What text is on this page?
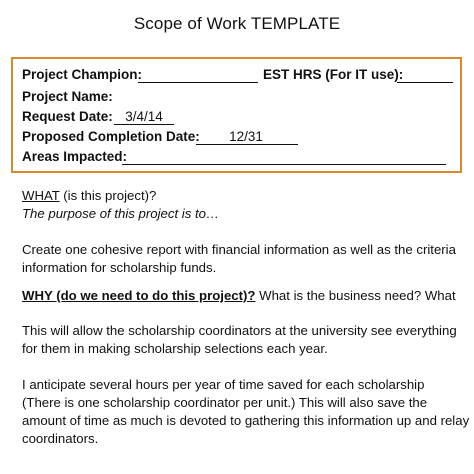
Scope of Work TEMPLATE
Project Champion:	EST HRS (For IT use):
Project Name:
Request Date: 3/4/14
Proposed Completion Date:	12/31
Areas Impacted:
WHAT (is this project)?
The purpose of this project is to…
Create one cohesive report with financial information as well as the criteria
information for scholarship funds.
WHY (do we need to do this project)? What is the business need? What
This will allow the scholarship coordinators at the university see everything
for them in making scholarship selections each year.
I anticipate several hours per year of time saved for each scholarship
(There is one scholarship coordinator per unit.) This will also save the
amount of time as much is devoted to gathering this information up and relay
coordinators.
